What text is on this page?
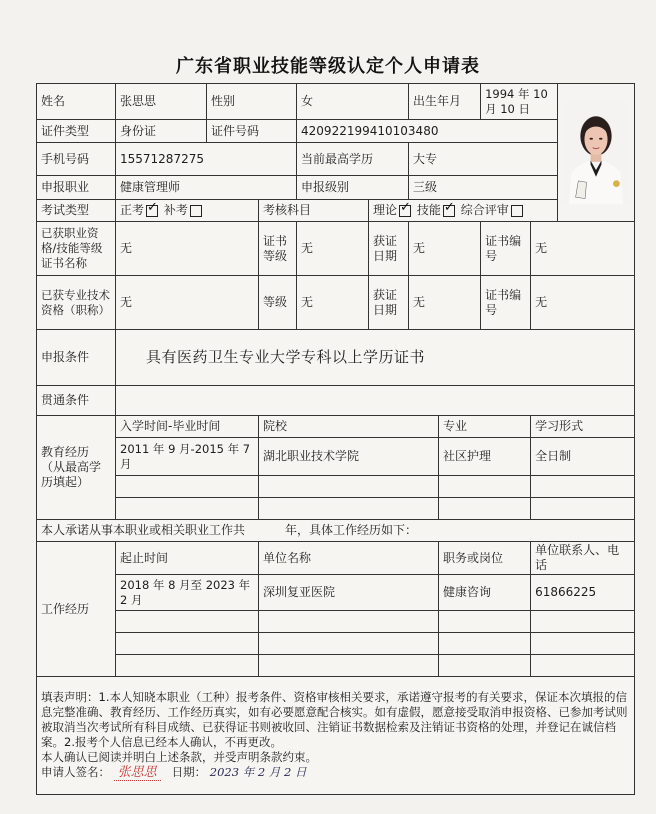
广东省职业技能等级认定个人申请表
姓名	张思思	性别		女		出生年月		1994 年 10 月 10 日	

证件类型	身份证	证件号码		420922199410103480						
手机号码	15571287275			当前最高学历		大专				
申报职业	健康管理师			申报级别		三级				
考试类型	正考 ✓ 补考		考核科目		理论 ✓ 技能 ✓ 综合评审
已获职业资格/技能等级证书名称	无		证书等级	无	获证日期	无		证书编号	无	
已获专业技术资格（职称）	无		等级	无	获证日期	无		证书编号	无	
申报条件	具有医药卫生专业大学专科以上学历证书									
贯通条件										
教育经历（从最高学历填起）	入学时间-毕业时间		院校				专业		学习形式	
	2011 年 9 月-2015 年 7 月		湖北职业技术学院				社区护理		全日制	

本人承诺从事本职业或相关职业工作共 年，具体工作经历如下：										
工作经历	起止时间		单位名称				职务或岗位		单位联系人、电话	
	2018 年 8 月至 2023 年 2 月		深圳复亚医院				健康咨询		61866225	

填表声明：1.本人知晓本职业（工种）报考条件、资格审核相关要求，承诺遵守报考的有关要求，保证本次填报的信息完整准确、教育经历、工作经历真实，如有必要愿意配合核实。如有虚假，愿意接受取消申报资格、已参加考试则被取消当次考试所有科目成绩、已获得证书则被收回、注销证书数据检索及注销证书资格的处理，并登记在诚信档案。2.报考个人信息已经本人确认，不再更改。
本人确认已阅读并明白上述条款，并受声明条款约束。
申请人签名： 张思思 日期： 2023 年 2 月 2 日										
